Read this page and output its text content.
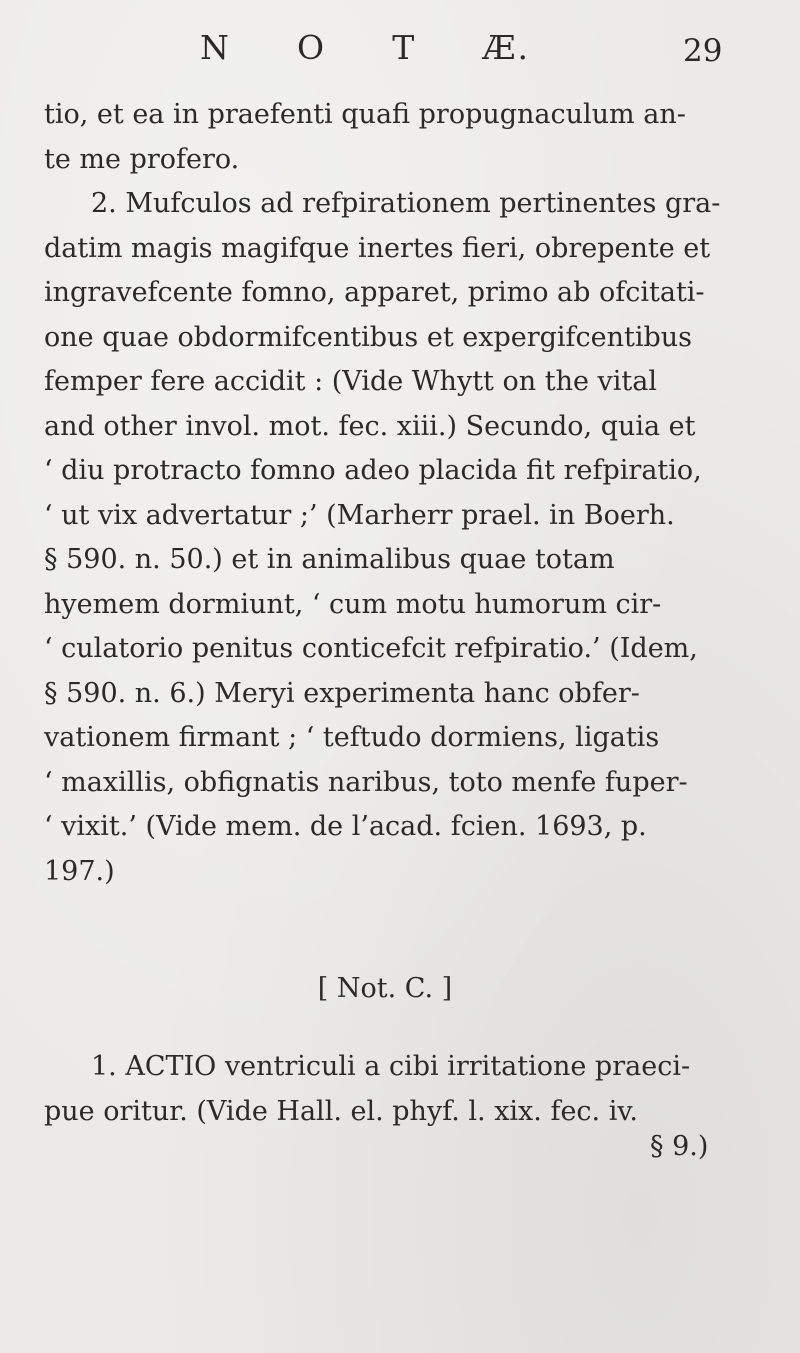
N O T Æ.	29
tio, et ea in praefenti quafi propugnaculum an-
te me profero.
2. Mufculos ad refpirationem pertinentes gra-
datim magis magifque inertes fieri, obrepente et
ingravefcente fomno, apparet, primo ab ofcitati-
one quae obdormifcentibus et expergifcentibus
femper fere accidit : (Vide Whytt on the vital
and other invol. mot. fec. xiii.) Secundo, quia et
‘ diu protracto fomno adeo placida fit refpiratio,
‘ ut vix advertatur ;’ (Marherr prael. in Boerh.
§ 590. n. 50.) et in animalibus quae totam
hyemem dormiunt, ‘ cum motu humorum cir-
‘ culatorio penitus conticefcit refpiratio.’ (Idem,
§ 590. n. 6.) Meryi experimenta hanc obfer-
vationem firmant ; ‘ teftudo dormiens, ligatis
‘ maxillis, obfignatis naribus, toto menfe fuper-
‘ vixit.’ (Vide mem. de l’acad. fcien. 1693, p.
197.)
[ Not. C. ]
1. ACTIO ventriculi a cibi irritatione praeci-
pue oritur. (Vide Hall. el. phyf. l. xix. fec. iv.
§ 9.)
